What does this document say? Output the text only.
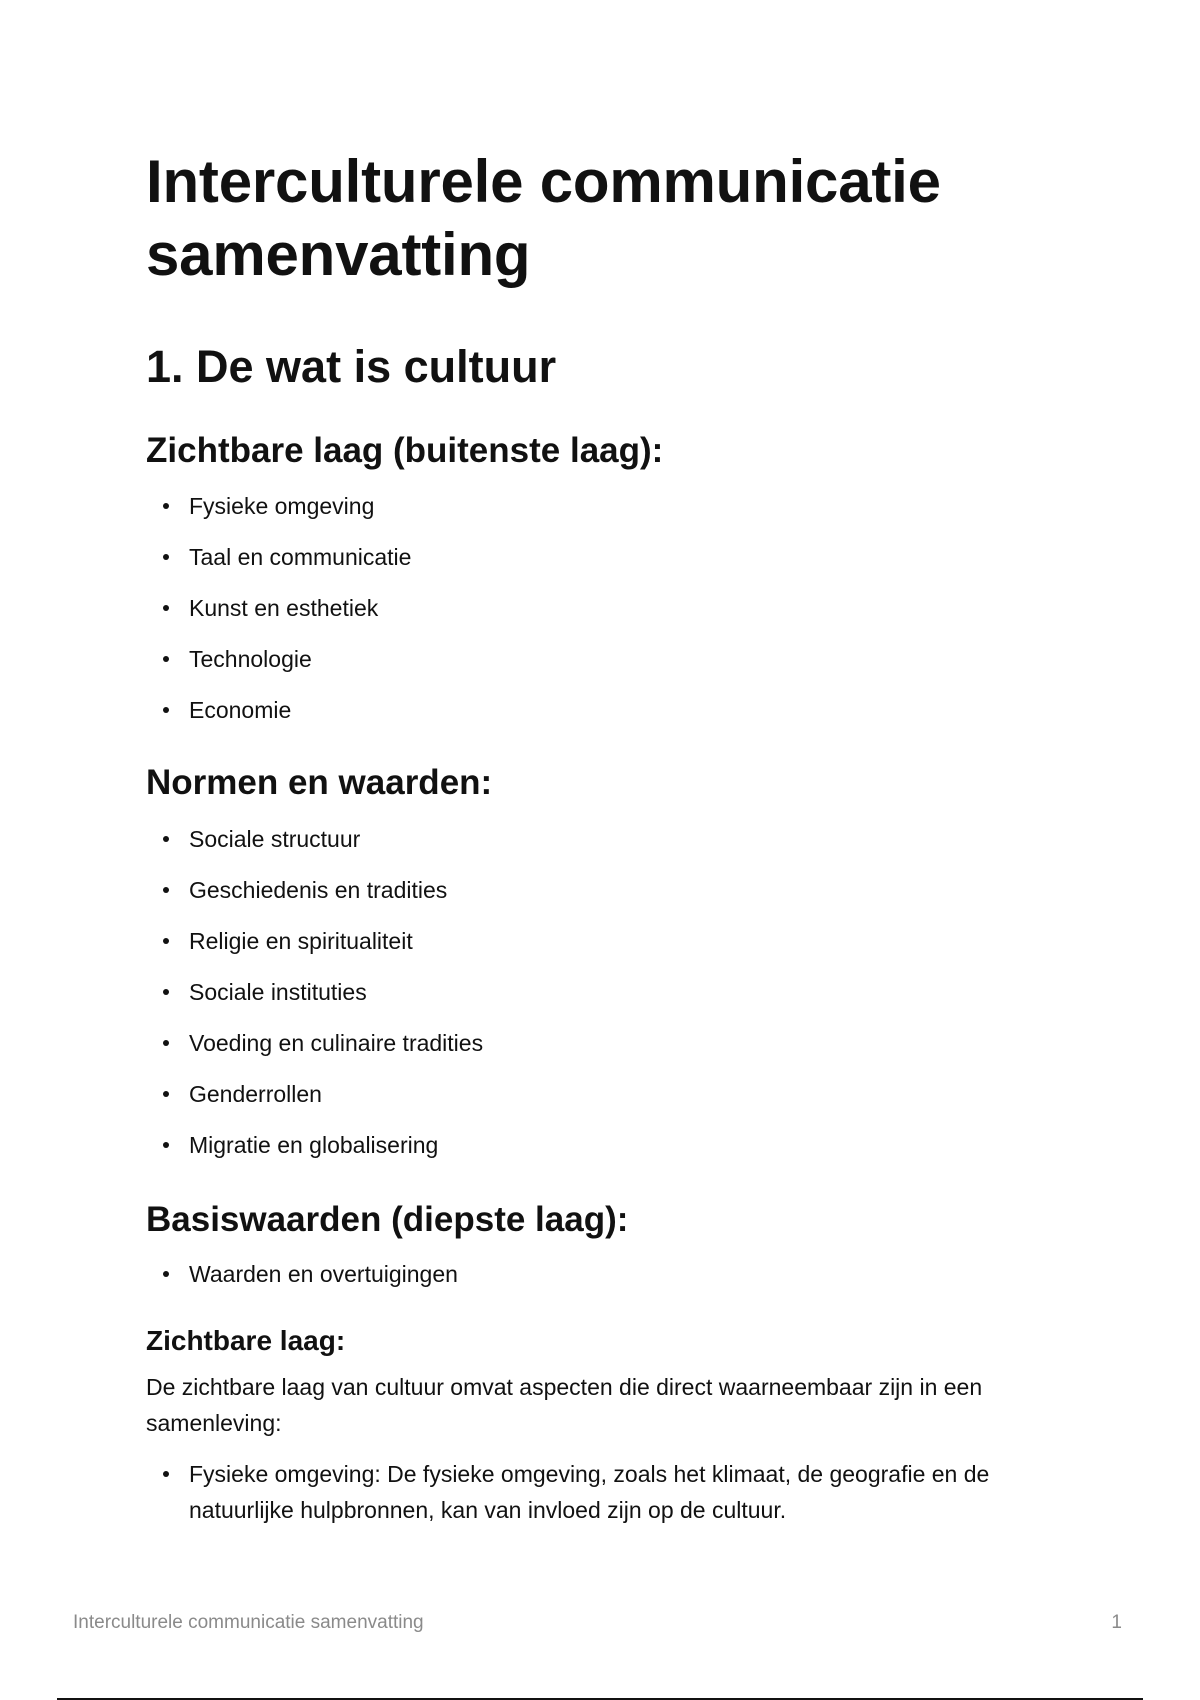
Interculturele communicatie samenvatting
1. De wat is cultuur
Zichtbare laag (buitenste laag):
Fysieke omgeving
Taal en communicatie
Kunst en esthetiek
Technologie
Economie
Normen en waarden:
Sociale structuur
Geschiedenis en tradities
Religie en spiritualiteit
Sociale instituties
Voeding en culinaire tradities
Genderrollen
Migratie en globalisering
Basiswaarden (diepste laag):
Waarden en overtuigingen
Zichtbare laag:

De zichtbare laag van cultuur omvat aspecten die direct waarneembaar zijn in een samenleving:

Fysieke omgeving: De fysieke omgeving, zoals het klimaat, de geografie en de natuurlijke hulpbronnen, kan van invloed zijn op de cultuur.
Interculturele communicatie samenvatting	1
